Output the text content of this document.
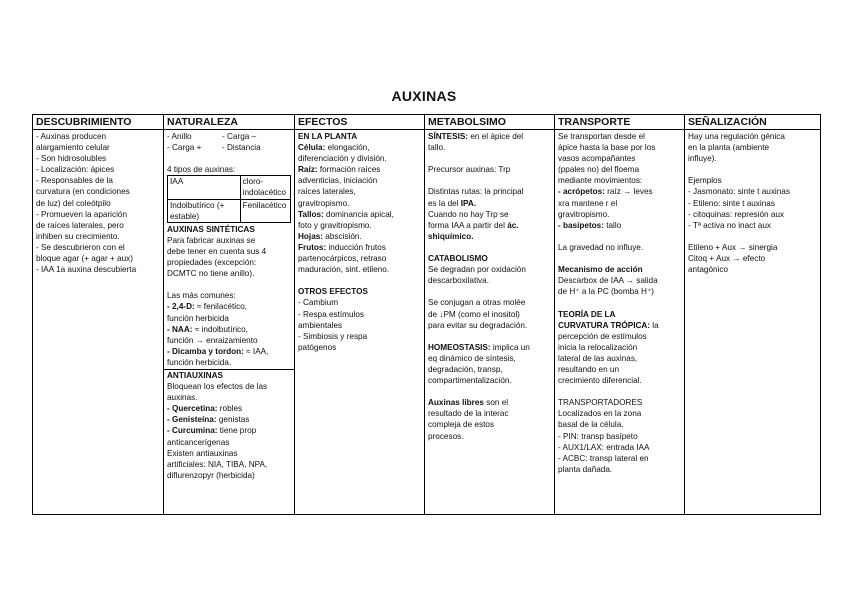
AUXINAS
DESCUBRIMIENTO	NATURALEZA	EFECTOS	METABOLSIMO	TRANSPORTE	SEÑALIZACIÓN

- Auxinas producen
alargamiento celular
- Son hidrosolubles
- Localización: ápices
- Responsables de la
curvatura (en condiciones
de luz) del coleótpilo
- Promueven la aparición
de raíces laterales, pero
inhiben su crecimiento.
- Se descubrieron con el
bloque agar (+ agar + aux)
- IAA 1a auxina descubierta

- Anillo	- Carga –
- Carga +	- Distancia
4 tipos de auxinas:
IAA	cloro-indolacético
Indolbutírico (+ estable)	Fenilacético
AUXINAS SINTÉTICAS
Para fabricar auxinas se
debe tener en cuenta sus 4
propiedades (excepción:
DCMTC no tiene anillo).
Las más comunes:
- 2,4-D: ≈ fenilacético,
función herbicida
- NAA: ≈ indolbutírico,
función → enraizamiento
- Dicamba y tordon: ≈ IAA,
función herbicida.
ANTIAUXINAS
Bloquean los efectos de las
auxinas.
- Quercetina: robles
- Genisteína: genistas
- Curcumina: tiene prop
anticancerígenas
Existen antiauxinas
artificiales: NIA, TIBA, NPA,
diflurenzopyr (herbicida)

EN LA PLANTA
Célula: elongación,
diferenciación y división.
Raíz: formación raíces
adventicias, iniciación
raíces laterales,
gravitropismo.
Tallos: dominancia apical,
foto y gravitropismo.
Hojas: abscisión.
Frutos: inducción frutos
partenocárpicos, retraso
maduración, sint. etileno.
OTROS EFECTOS
- Cambium
- Respa estímulos
ambientales
- Simbiosis y respa
patógenos

SÍNTESIS: en el ápice del
tallo.
Precursor auxinas: Trp
Distintas rutas: la principal
es la del IPA.
Cuando no hay Trp se
forma IAA a partir del ác.
shiquímico.
CATABOLISMO
Se degradan por oxidación
descarboxilativa.
Se conjugan a otras molée
de ↓PM (como el inositol)
para evitar su degradación.
HOMEOSTASIS: implica un
eq dinámico de síntesis,
degradación, transp,
compartimentalización.
Auxinas libres son el
resultado de la interac
compleja de estos
procesos.

Se transportan desde el
ápice hasta la base por los
vasos acompañantes
(ppales no) del floema
mediante movimientos:
- acrópetos: raíz → leves
xra mantene r el
gravitropismo.
- basípetos: tallo
La gravedad no influye.
Mecanismo de acción
Descarbox de IAA → salida
de H⁺ a la PC (bomba H⁺)
TEORÍA DE LA
CURVATURA TRÓPICA: la
percepción de estímulos
inicia la relocalización
lateral de las auxinas,
resultando en un
crecimiento diferencial.
TRANSPORTADORES
Localizados en la zona
basal de la célula.
- PIN: transp basípeto
- AUX1/LAX: entrada IAA
- ACBC: transp lateral en
planta dañada.

Hay una regulación génica
en la planta (ambiente
influye).
Ejemplos
- Jasmonato: sinte t auxinas
- Etileno: sinte t auxinas
- citoquinas: represión aux
- Tª activa no inact aux
Etileno + Aux → sinergia
Citoq + Aux → efecto
antagónico
